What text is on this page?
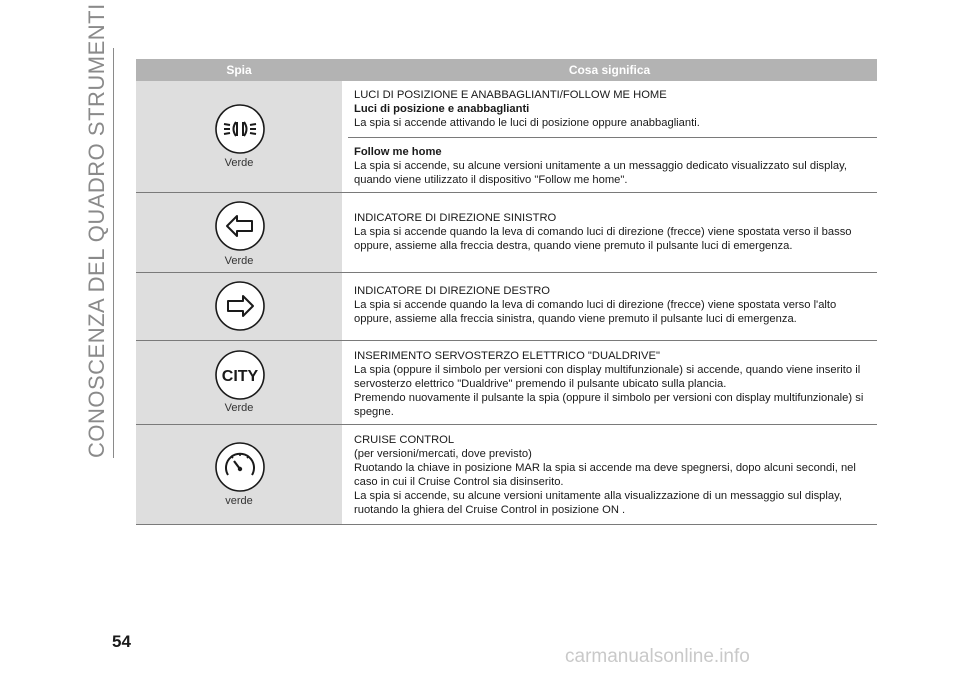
CONOSCENZA DEL QUADRO STRUMENTI	Spia	Cosa significa
Verde

LUCI DI POSIZIONE E ANABBAGLIANTI/FOLLOW ME HOME

Luci di posizione e anabbaglianti

La spia si accende attivando le luci di posizione oppure anabbaglianti.

Follow me home

La spia si accende, su alcune versioni unitamente a un messaggio dedicato visualizzato sul display, quando viene utilizzato il dispositivo "Follow me home".

Verde

INDICATORE DI DIREZIONE SINISTRO

La spia si accende quando la leva di comando luci di direzione (frecce) viene spostata verso il basso oppure, assieme alla freccia destra, quando viene premuto il pulsante luci di emergenza.

INDICATORE DI DIREZIONE DESTRO

La spia si accende quando la leva di comando luci di direzione (frecce) viene spostata verso l'alto oppure, assieme alla freccia sinistra, quando viene premuto il pulsante luci di emergenza.

CITY
Verde

INSERIMENTO SERVOSTERZO ELETTRICO "DUALDRIVE"

La spia (oppure il simbolo per versioni con display multifunzionale) si accende, quando viene inserito il servosterzo elettrico "Dualdrive" premendo il pulsante ubicato sulla plancia.

Premendo nuovamente il pulsante la spia (oppure il simbolo per versioni con display multifunzionale) si spegne.

verde

CRUISE CONTROL

(per versioni/mercati, dove previsto)

Ruotando la chiave in posizione MAR la spia si accende ma deve spegnersi, dopo alcuni secondi, nel caso in cui il Cruise Control sia disinserito.

La spia si accende, su alcune versioni unitamente alla visualizzazione di un messaggio sul display, ruotando la ghiera del Cruise Control in posizione ON .

54
carmanualsonline.info
